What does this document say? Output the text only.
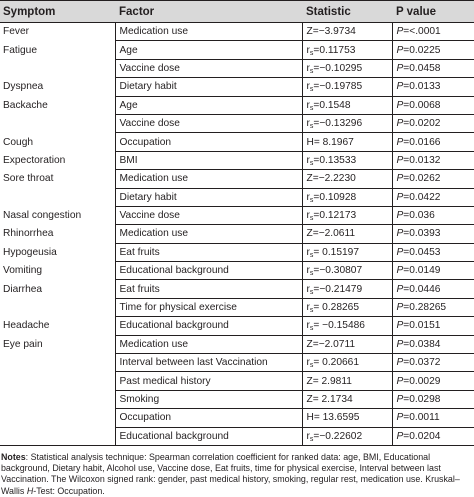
Symptom	Factor	Statistic	P value
Fever	Medication use	Z=−3.9734	P=<.0001
Fatigue	Age	$r_s=0.11753$	P=0.0225
	Vaccine dose	$r_s=-0.10295$	P=0.0458
Dyspnea	Dietary habit	$r_s=-0.19785$	P=0.0133
Backache	Age	$r_s=0.1548$	P=0.0068
	Vaccine dose	$r_s=-0.13296$	P=0.0202
Cough	Occupation	H= 8.1967	P=0.0166
Expectoration	BMI	$r_s=0.13533$	P=0.0132
Sore throat	Medication use	Z=−2.2230	P=0.0262
	Dietary habit	$r_s=0.10928$	P=0.0422
Nasal congestion	Vaccine dose	$r_s=0.12173$	P=0.036
Rhinorrhea	Medication use	Z=−2.0611	P=0.0393
Hypogeusia	Eat fruits	$r_s= 0.15197$	P=0.0453
Vomiting	Educational background	$r_s=-0.30807$	P=0.0149
Diarrhea	Eat fruits	$r_s=-0.21479$	P=0.0446
	Time for physical exercise	$r_s= 0.28265$	P=0.28265
Headache	Educational background	$r_s= -0.15486$	P=0.0151
Eye pain	Medication use	Z=−2.0711	P=0.0384
	Interval between last Vaccination	$r_s= 0.20661$	P=0.0372
	Past medical history	Z= 2.9811	P=0.0029
	Smoking	Z= 2.1734	P=0.0298
	Occupation	H= 13.6595	P=0.0011
	Educational background	$r_s=-0.22602$	P=0.0204
Notes: Statistical analysis technique: Spearman correlation coefficient for ranked data: age, BMI, Educational background, Dietary habit, Alcohol use, Vaccine dose, Eat fruits, time for physical exercise, Interval between last Vaccination. The Wilcoxon signed rank: gender, past medical history, smoking, regular rest, medication use. Kruskal–Wallis H-Test: Occupation.
